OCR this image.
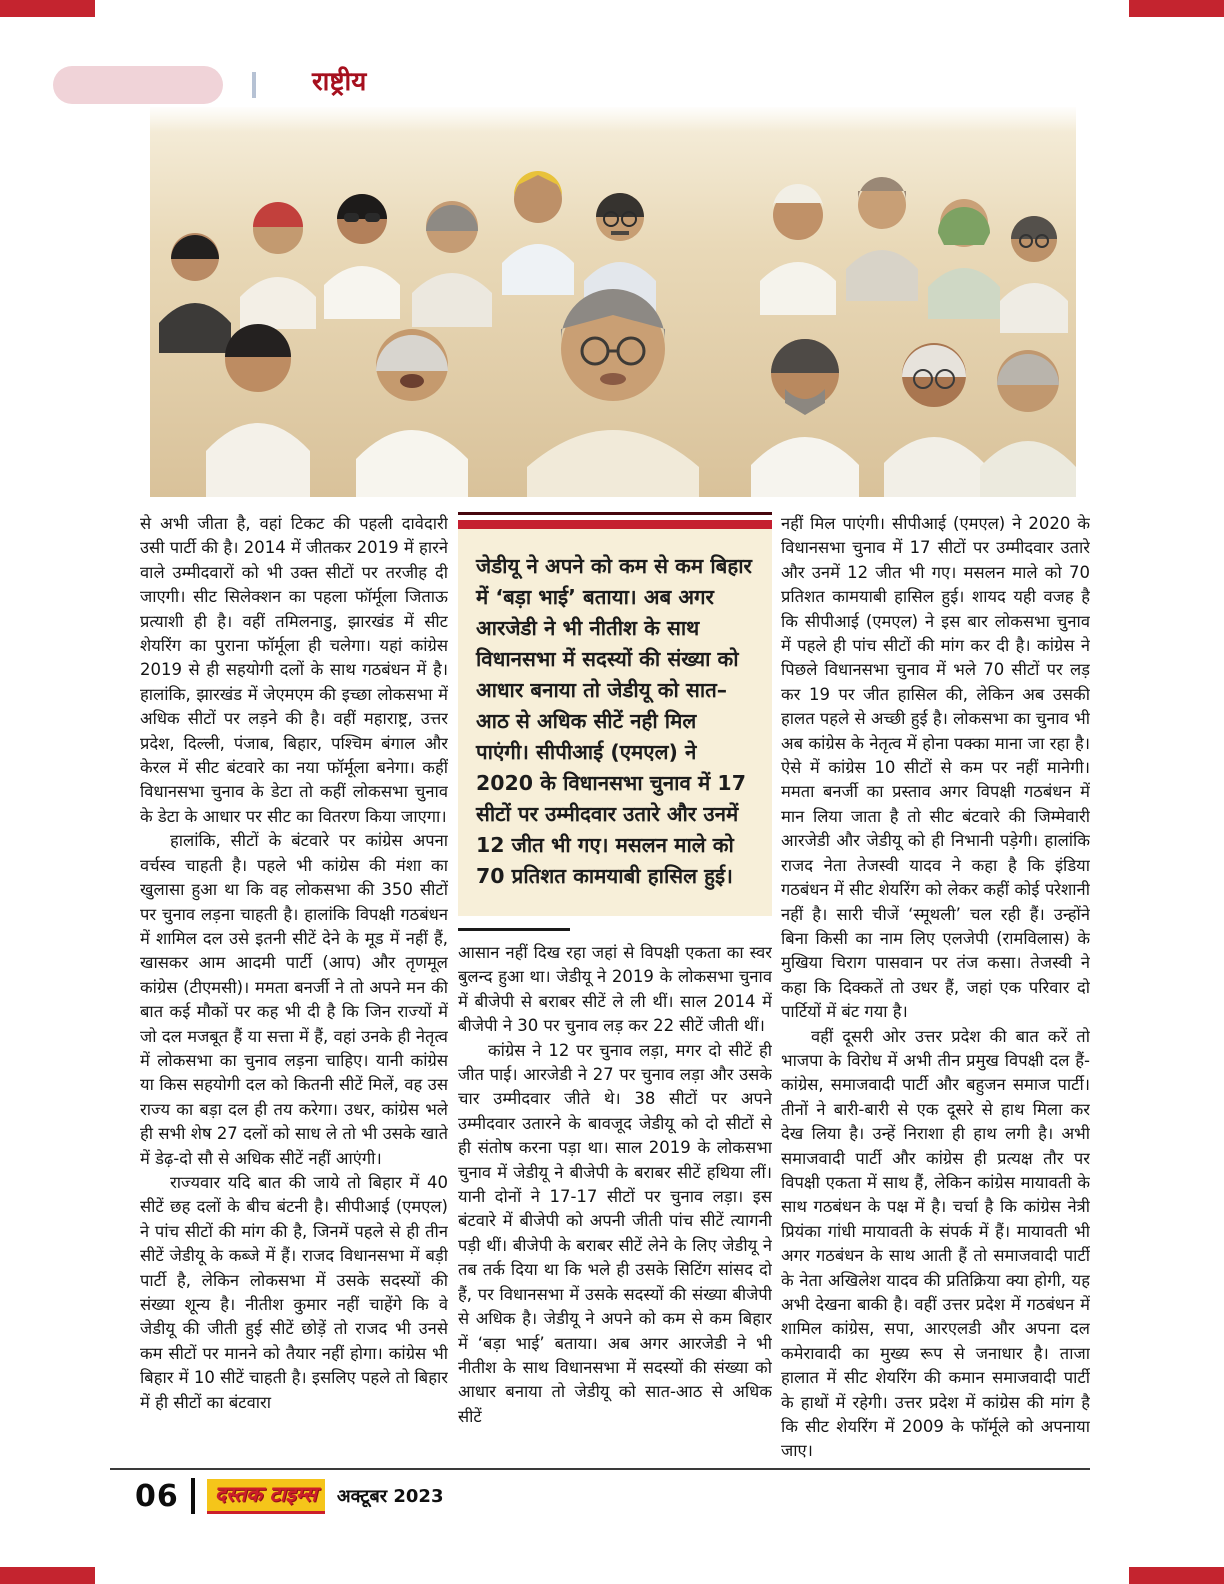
राष्ट्रीय

से अभी जीता है, वहां टिकट की पहली दावेदारी उसी पार्टी की है। 2014 में जीतकर 2019 में हारने वाले उम्मीदवारों को भी उक्त सीटों पर तरजीह दी जाएगी। सीट सिलेक्शन का पहला फॉर्मूला जिताऊ प्रत्याशी ही है। वहीं तमिलनाडु, झारखंड में सीट शेयरिंग का पुराना फॉर्मूला ही चलेगा। यहां कांग्रेस 2019 से ही सहयोगी दलों के साथ गठबंधन में है। हालांकि, झारखंड में जेएमएम की इच्छा लोकसभा में अधिक सीटों पर लड़ने की है। वहीं महाराष्ट्र, उत्तर प्रदेश, दिल्ली, पंजाब, बिहार, पश्चिम बंगाल और केरल में सीट बंटवारे का नया फॉर्मूला बनेगा। कहीं विधानसभा चुनाव के डेटा तो कहीं लोकसभा चुनाव के डेटा के आधार पर सीट का वितरण किया जाएगा।

हालांकि, सीटों के बंटवारे पर कांग्रेस अपना वर्चस्व चाहती है। पहले भी कांग्रेस की मंशा का खुलासा हुआ था कि वह लोकसभा की 350 सीटों पर चुनाव लड़ना चाहती है। हालांकि विपक्षी गठबंधन में शामिल दल उसे इतनी सीटें देने के मूड में नहीं हैं, खासकर आम आदमी पार्टी (आप) और तृणमूल कांग्रेस (टीएमसी)। ममता बनर्जी ने तो अपने मन की बात कई मौकों पर कह भी दी है कि जिन राज्यों में जो दल मजबूत हैं या सत्ता में हैं, वहां उनके ही नेतृत्व में लोकसभा का चुनाव लड़ना चाहिए। यानी कांग्रेस या किस सहयोगी दल को कितनी सीटें मिलें, वह उस राज्य का बड़ा दल ही तय करेगा। उधर, कांग्रेस भले ही सभी शेष 27 दलों को साध ले तो भी उसके खाते में डेढ़-दो सौ से अधिक सीटें नहीं आएंगी।

राज्यवार यदि बात की जाये तो बिहार में 40 सीटें छह दलों के बीच बंटनी है। सीपीआई (एमएल) ने पांच सीटों की मांग की है, जिनमें पहले से ही तीन सीटें जेडीयू के कब्जे में हैं। राजद विधानसभा में बड़ी पार्टी है, लेकिन लोकसभा में उसके सदस्यों की संख्या शून्य है। नीतीश कुमार नहीं चाहेंगे कि वे जेडीयू की जीती हुई सीटें छोड़ें तो राजद भी उनसे कम सीटों पर मानने को तैयार नहीं होगा। कांग्रेस भी बिहार में 10 सीटें चाहती है। इसलिए पहले तो बिहार में ही सीटों का बंटवारा

जेडीयू ने अपने को कम से कम बिहार में ‘बड़ा भाई’ बताया। अब अगर आरजेडी ने भी नीतीश के साथ विधानसभा में सदस्यों की संख्या को आधार बनाया तो जेडीयू को सात–आठ से अधिक सीटें नही मिल पाएंगी। सीपीआई (एमएल) ने 2020 के विधानसभा चुनाव में 17 सीटों पर उम्मीदवार उतारे और उनमें 12 जीत भी गए। मसलन माले को 70 प्रतिशत कामयाबी हासिल हुई।

आसान नहीं दिख रहा जहां से विपक्षी एकता का स्वर बुलन्द हुआ था। जेडीयू ने 2019 के लोकसभा चुनाव में बीजेपी से बराबर सीटें ले ली थीं। साल 2014 में बीजेपी ने 30 पर चुनाव लड़ कर 22 सीटें जीती थीं।

कांग्रेस ने 12 पर चुनाव लड़ा, मगर दो सीटें ही जीत पाई। आरजेडी ने 27 पर चुनाव लड़ा और उसके चार उम्मीदवार जीते थे। 38 सीटों पर अपने उम्मीदवार उतारने के बावजूद जेडीयू को दो सीटों से ही संतोष करना पड़ा था। साल 2019 के लोकसभा चुनाव में जेडीयू ने बीजेपी के बराबर सीटें हथिया लीं। यानी दोनों ने 17-17 सीटों पर चुनाव लड़ा। इस बंटवारे में बीजेपी को अपनी जीती पांच सीटें त्यागनी पड़ी थीं। बीजेपी के बराबर सीटें लेने के लिए जेडीयू ने तब तर्क दिया था कि भले ही उसके सिटिंग सांसद दो हैं, पर विधानसभा में उसके सदस्यों की संख्या बीजेपी से अधिक है। जेडीयू ने अपने को कम से कम बिहार में ‘बड़ा भाई’ बताया। अब अगर आरजेडी ने भी नीतीश के साथ विधानसभा में सदस्यों की संख्या को आधार बनाया तो जेडीयू को सात-आठ से अधिक सीटें

नहीं मिल पाएंगी। सीपीआई (एमएल) ने 2020 के विधानसभा चुनाव में 17 सीटों पर उम्मीदवार उतारे और उनमें 12 जीत भी गए। मसलन माले को 70 प्रतिशत कामयाबी हासिल हुई। शायद यही वजह है कि सीपीआई (एमएल) ने इस बार लोकसभा चुनाव में पहले ही पांच सीटों की मांग कर दी है। कांग्रेस ने पिछले विधानसभा चुनाव में भले 70 सीटों पर लड़ कर 19 पर जीत हासिल की, लेकिन अब उसकी हालत पहले से अच्छी हुई है। लोकसभा का चुनाव भी अब कांग्रेस के नेतृत्व में होना पक्का माना जा रहा है। ऐसे में कांग्रेस 10 सीटों से कम पर नहीं मानेगी। ममता बनर्जी का प्रस्ताव अगर विपक्षी गठबंधन में मान लिया जाता है तो सीट बंटवारे की जिम्मेवारी आरजेडी और जेडीयू को ही निभानी पड़ेगी। हालांकि राजद नेता तेजस्वी यादव ने कहा है कि इंडिया गठबंधन में सीट शेयरिंग को लेकर कहीं कोई परेशानी नहीं है। सारी चीजें ‘स्मूथली’ चल रही हैं। उन्होंने बिना किसी का नाम लिए एलजेपी (रामविलास) के मुखिया चिराग पासवान पर तंज कसा। तेजस्वी ने कहा कि दिक्कतें तो उधर हैं, जहां एक परिवार दो पार्टियों में बंट गया है।

वहीं दूसरी ओर उत्तर प्रदेश की बात करें तो भाजपा के विरोध में अभी तीन प्रमुख विपक्षी दल हैं- कांग्रेस, समाजवादी पार्टी और बहुजन समाज पार्टी। तीनों ने बारी-बारी से एक दूसरे से हाथ मिला कर देख लिया है। उन्हें निराशा ही हाथ लगी है। अभी समाजवादी पार्टी और कांग्रेस ही प्रत्यक्ष तौर पर विपक्षी एकता में साथ हैं, लेकिन कांग्रेस मायावती के साथ गठबंधन के पक्ष में है। चर्चा है कि कांग्रेस नेत्री प्रियंका गांधी मायावती के संपर्क में हैं। मायावती भी अगर गठबंधन के साथ आती हैं तो समाजवादी पार्टी के नेता अखिलेश यादव की प्रतिक्रिया क्या होगी, यह अभी देखना बाकी है। वहीं उत्तर प्रदेश में गठबंधन में शामिल कांग्रेस, सपा, आरएलडी और अपना दल कमेरावादी का मुख्य रूप से जनाधार है। ताजा हालात में सीट शेयरिंग की कमान समाजवादी पार्टी के हाथों में रहेगी। उत्तर प्रदेश में कांग्रेस की मांग है कि सीट शेयरिंग में 2009 के फॉर्मूले को अपनाया जाए।

06	दस्तक टाइम्स	अक्टूबर 2023
